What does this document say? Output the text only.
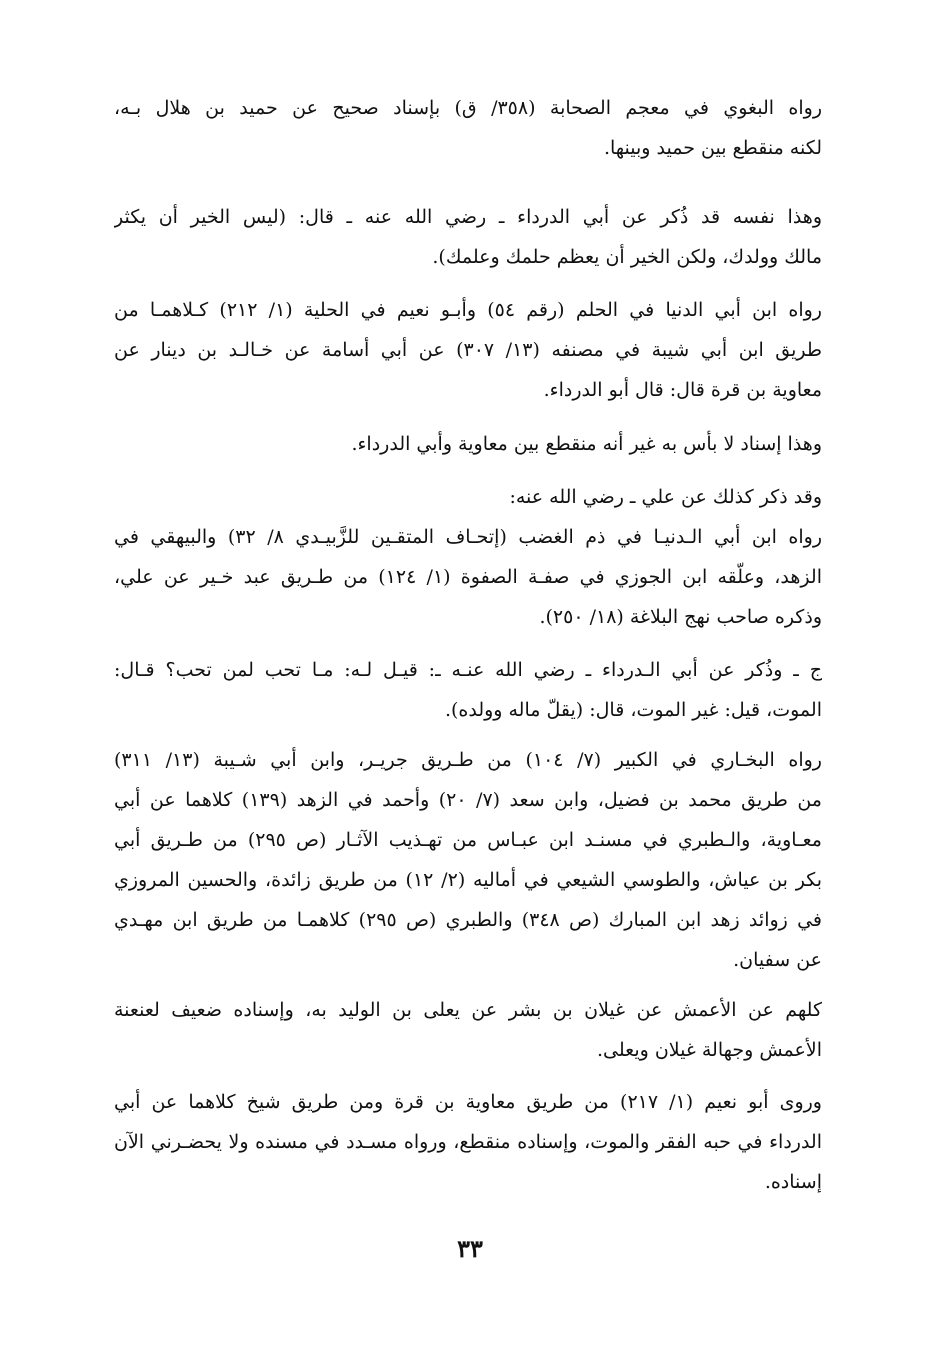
رواه البغوي في معجم الصحابة (٣٥٨/ ق) بإسناد صحيح عن حميد بن هلال بـه،
لكنه منقطع بين حميد وبينها.
وهذا نفسه قد ذُكر عن أبي الدرداء ـ رضي الله عنه ـ قال: (ليس الخير أن يكثر
مالك وولدك، ولكن الخير أن يعظم حلمك وعلمك).
رواه ابن أبي الدنيا في الحلم (رقم ٥٤) وأبـو نعيم في الحلية (١/ ٢١٢) كـلاهمـا من
طريق ابن أبي شيبة في مصنفه (١٣/ ٣٠٧) عن أبي أسامة عن خـالـد بن دينار عن
معاوية بن قرة قال: قال أبو الدرداء.
وهذا إسناد لا بأس به غير أنه منقطع بين معاوية وأبي الدرداء.
وقد ذكر كذلك عن علي ـ رضي الله عنه:
رواه ابن أبي الـدنيـا في ذم الغضب (إتحـاف المتقـين للزَّبيـدي ٨/ ٣٢) والبيهقي في
الزهد، وعلّقه ابن الجوزي في صفـة الصفوة (١/ ١٢٤) من طـريق عبد خـير عن علي،
وذكره صاحب نهج البلاغة (١٨/ ٢٥٠).
ج ـ وذُكر عن أبي الـدرداء ـ رضي الله عنـه ـ: قيـل لـه: مـا تحب لمن تحب؟ قـال:
الموت، قيل: غير الموت، قال: (يقلّ ماله وولده).
رواه البخـاري في الكبير (٧/ ١٠٤) من طـريق جريـر، وابن أبي شـيبة (١٣/ ٣١١)
من طريق محمد بن فضيل، وابن سعد (٧/ ٢٠) وأحمد في الزهد (١٣٩) كلاهما عن أبي
معـاوية، والـطبري في مسنـد ابن عبـاس من تهـذيب الآثـار (ص ٢٩٥) من طـريق أبي
بكر بن عياش، والطوسي الشيعي في أماليه (٢/ ١٢) من طريق زائدة، والحسين المروزي
في زوائد زهد ابن المبارك (ص ٣٤٨) والطبري (ص ٢٩٥) كلاهمـا من طريق ابن مهـدي
عن سفيان.
كلهم عن الأعمش عن غيلان بن بشر عن يعلى بن الوليد به، وإسناده ضعيف لعنعنة
الأعمش وجهالة غيلان ويعلى.
وروى أبو نعيم (١/ ٢١٧) من طريق معاوية بن قرة ومن طريق شيخ كلاهما عن أبي
الدرداء في حبه الفقر والموت، وإسناده منقطع، ورواه مسـدد في مسنده ولا يحضـرني الآن
إسناده.
٣٣
